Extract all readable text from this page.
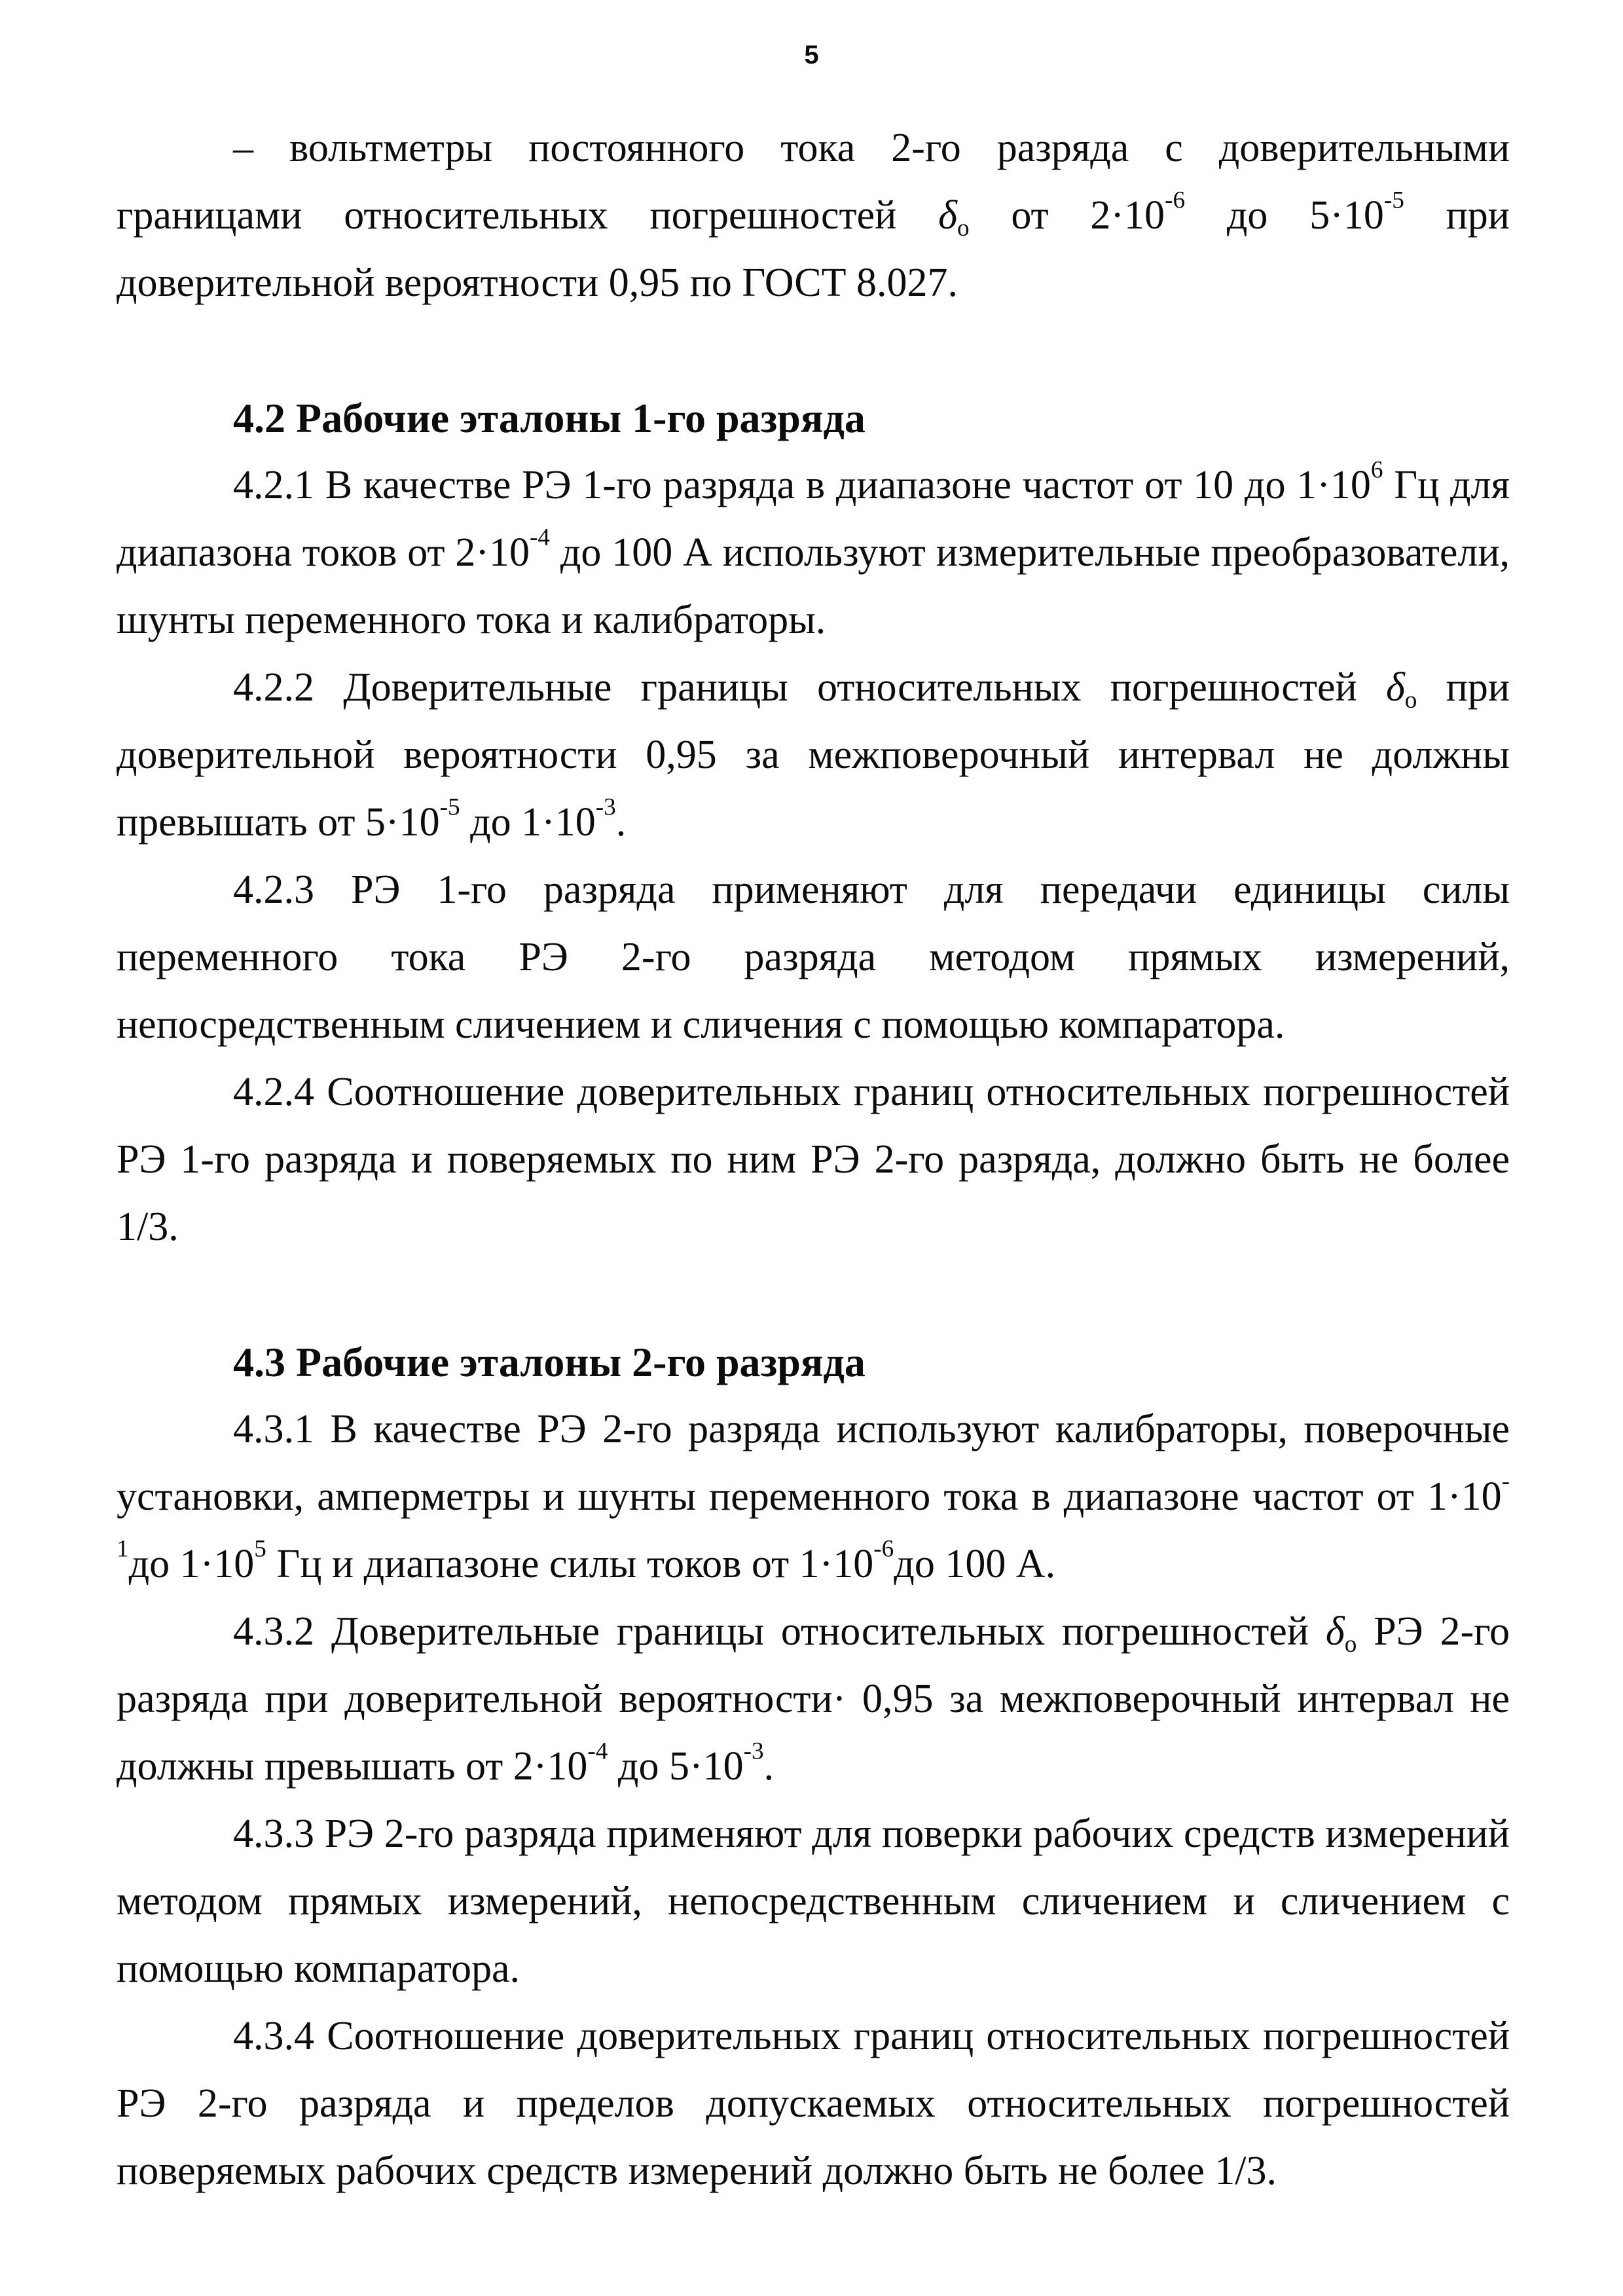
5

– вольтметры постоянного тока 2-го разряда с доверительными границами относительных погрешностей $\delta_o$ от $2\cdot 10^{-6}$ до $5\cdot 10^{-5}$ при доверительной вероятности 0,95 по ГОСТ 8.027.

4.2 Рабочие эталоны 1-го разряда

4.2.1 В качестве РЭ 1-го разряда в диапазоне частот от 10 до $1\cdot 10^6$ Гц для диапазона токов от $2\cdot 10^{-4}$ до 100 А используют измерительные преобразователи, шунты переменного тока и калибраторы.

4.2.2 Доверительные границы относительных погрешностей $\delta_o$ при доверительной вероятности 0,95 за межповерочный интервал не должны превышать от $5\cdot 10^{-5}$ до $1\cdot 10^{-3}$.

4.2.3 РЭ 1-го разряда применяют для передачи единицы силы переменного тока РЭ 2-го разряда методом прямых измерений, непосредственным сличением и сличения с помощью компаратора.

4.2.4 Соотношение доверительных границ относительных погрешностей РЭ 1-го разряда и поверяемых по ним РЭ 2-го разряда, должно быть не более 1/3.

4.3 Рабочие эталоны 2-го разряда

4.3.1 В качестве РЭ 2-го разряда используют калибраторы, поверочные установки, амперметры и шунты переменного тока в диапазоне частот от $1\cdot 10^{-1}до$ $1\cdot 10^5$ Гц и диапазоне силы токов от $1\cdot 10^{-6}до$ 100 А.

4.3.2 Доверительные границы относительных погрешностей $\delta_o$ РЭ 2-го разряда при доверительной вероятности· 0,95 за межповерочный интервал не должны превышать от $2\cdot 10^{-4}$ до $5\cdot 10^{-3}$.

4.3.3 РЭ 2-го разряда применяют для поверки рабочих средств измерений методом прямых измерений, непосредственным сличением и сличением с помощью компаратора.

4.3.4 Соотношение доверительных границ относительных погрешностей РЭ 2-го разряда и пределов допускаемых относительных погрешностей поверяемых рабочих средств измерений должно быть не более 1/3.
